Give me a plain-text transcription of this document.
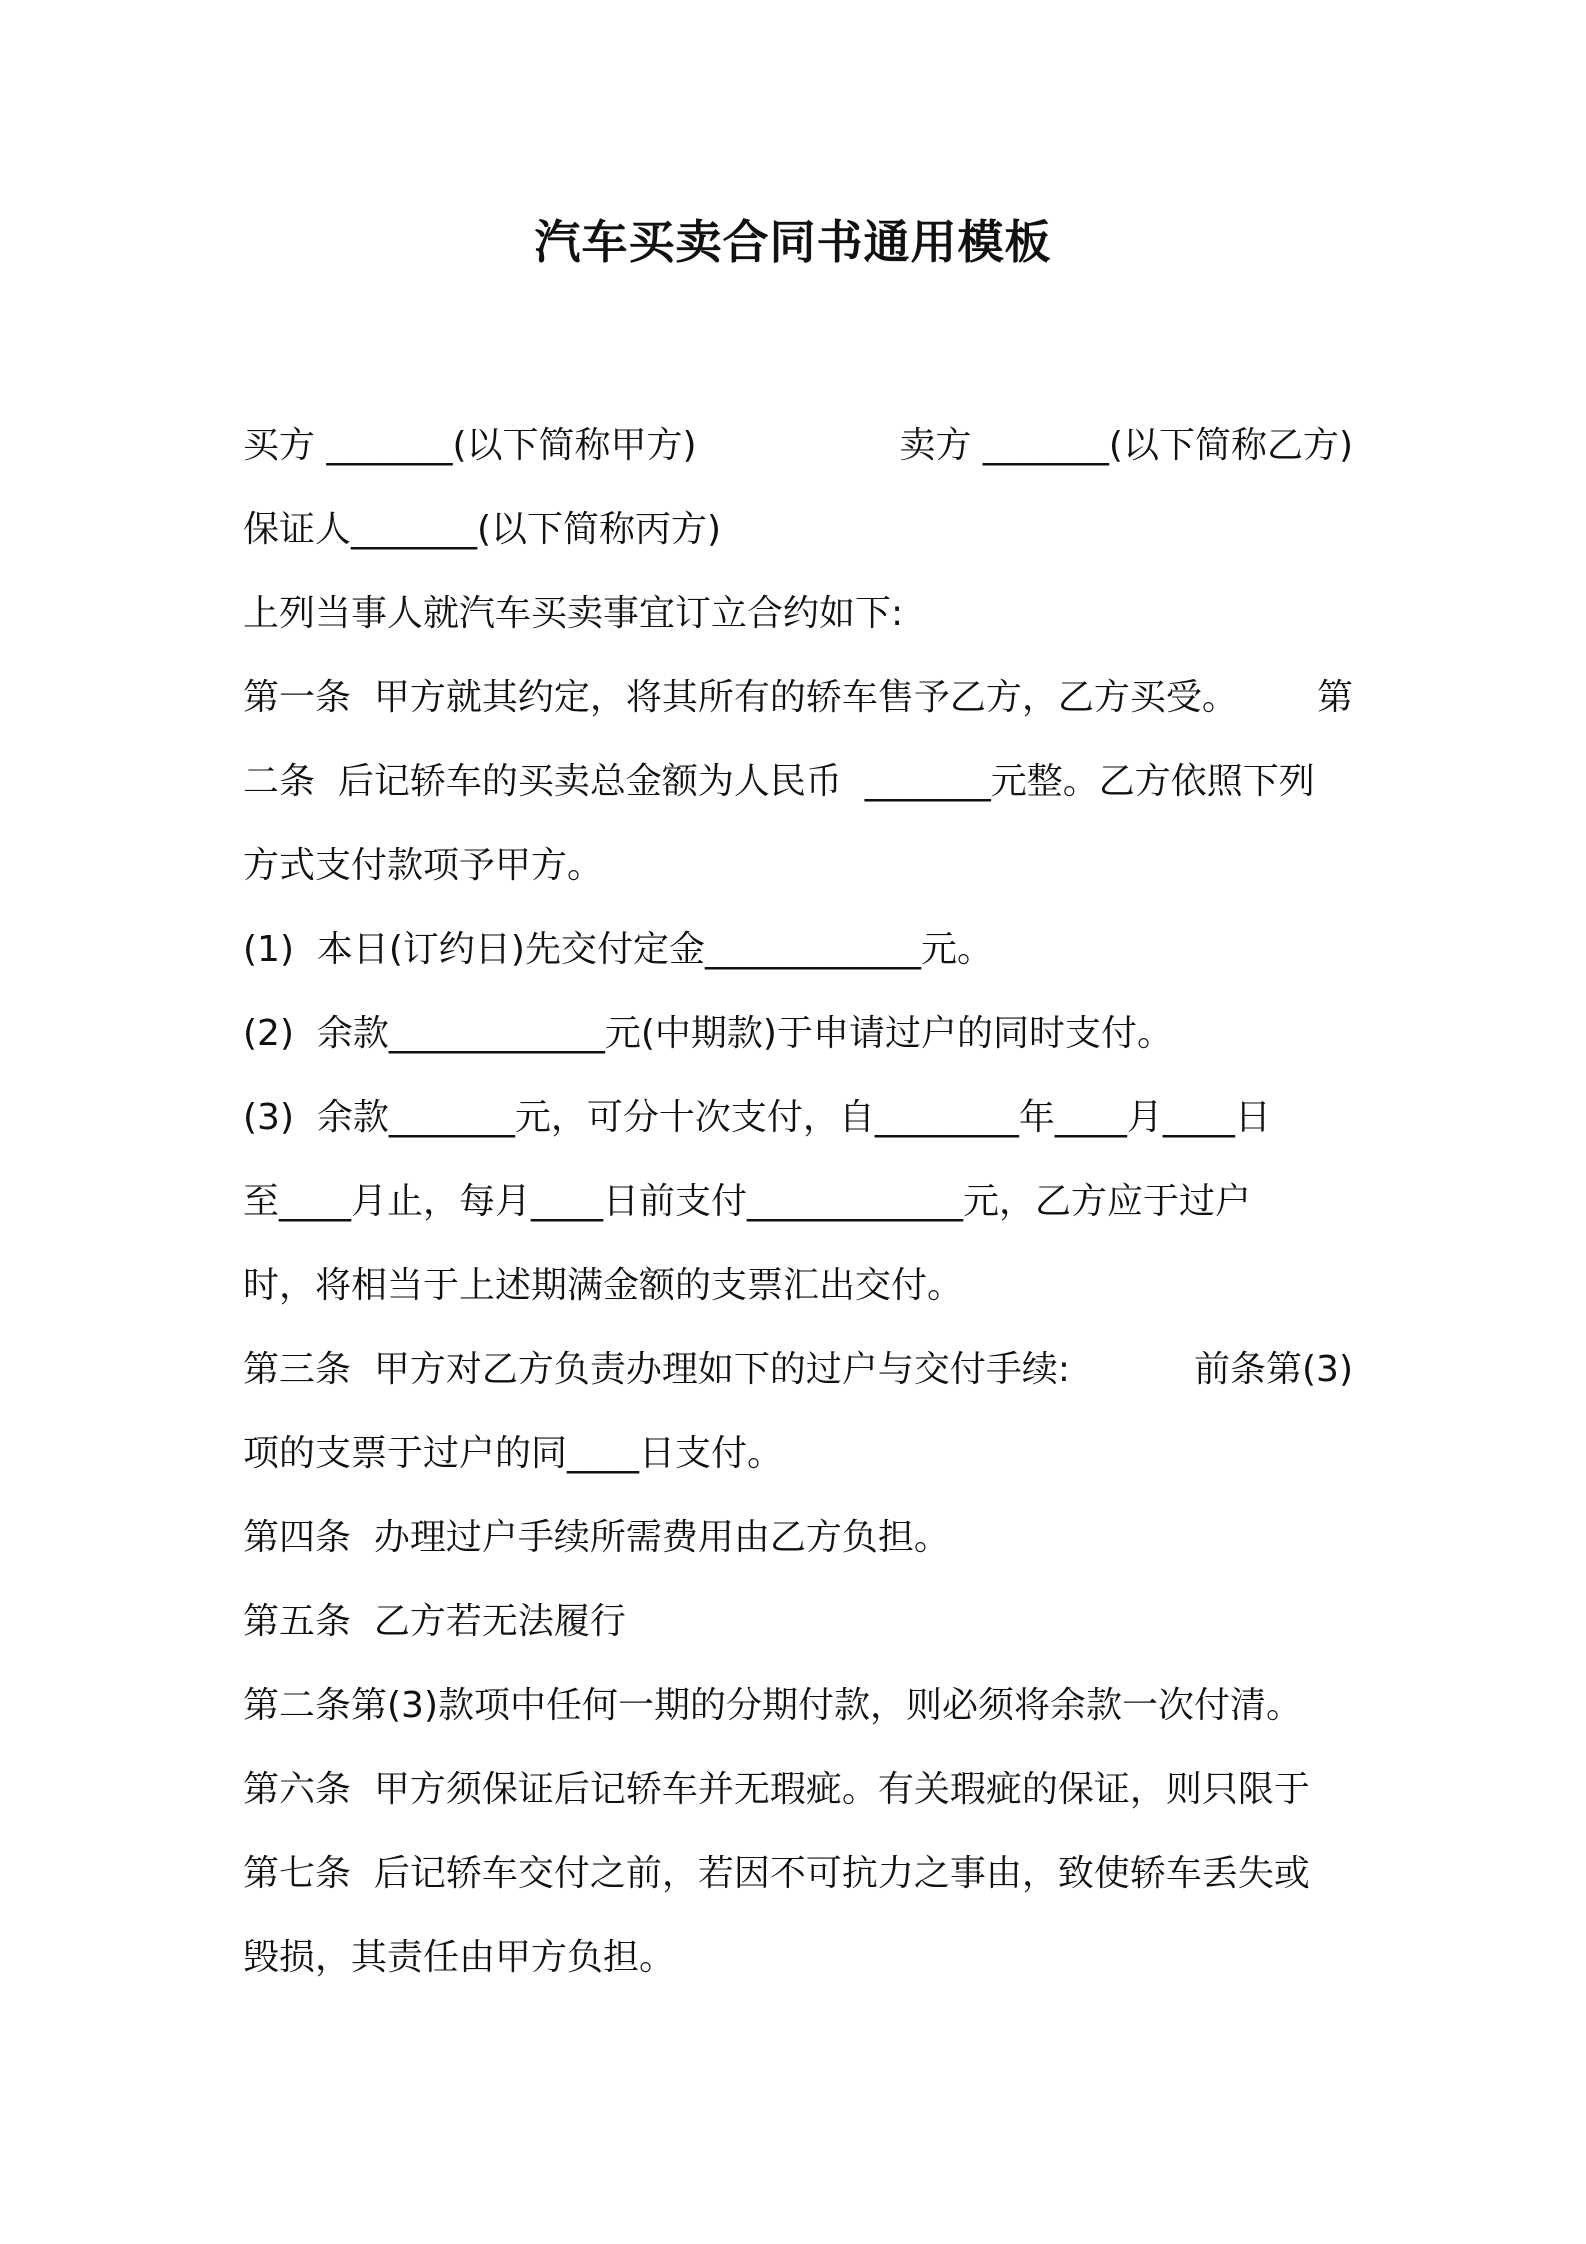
汽车买卖合同书通用模板
买方 _______(以下简称甲方)	卖方 _______(以下简称乙方)
保证人_______(以下简称丙方)
上列当事人就汽车买卖事宜订立合约如下:
第一条  甲方就其约定，将其所有的轿车售予乙方，乙方买受。 第
二条  后记轿车的买卖总金额为人民币  _______元整。乙方依照下列
方式支付款项予甲方。
(1)  本日(订约日)先交付定金____________元。
(2)  余款____________元(中期款)于申请过户的同时支付。
(3)  余款_______元，可分十次支付，自________年____月____日
至____月止，每月____日前支付____________元，乙方应于过户
时，将相当于上述期满金额的支票汇出交付。
第三条  甲方对乙方负责办理如下的过户与交付手续:	前条第(3)
项的支票于过户的同____日支付。
第四条  办理过户手续所需费用由乙方负担。
第五条  乙方若无法履行
第二条第(3)款项中任何一期的分期付款，则必须将余款一次付清。
第六条  甲方须保证后记轿车并无瑕疵。有关瑕疵的保证，则只限于
第七条  后记轿车交付之前，若因不可抗力之事由，致使轿车丢失或
毁损，其责任由甲方负担。
